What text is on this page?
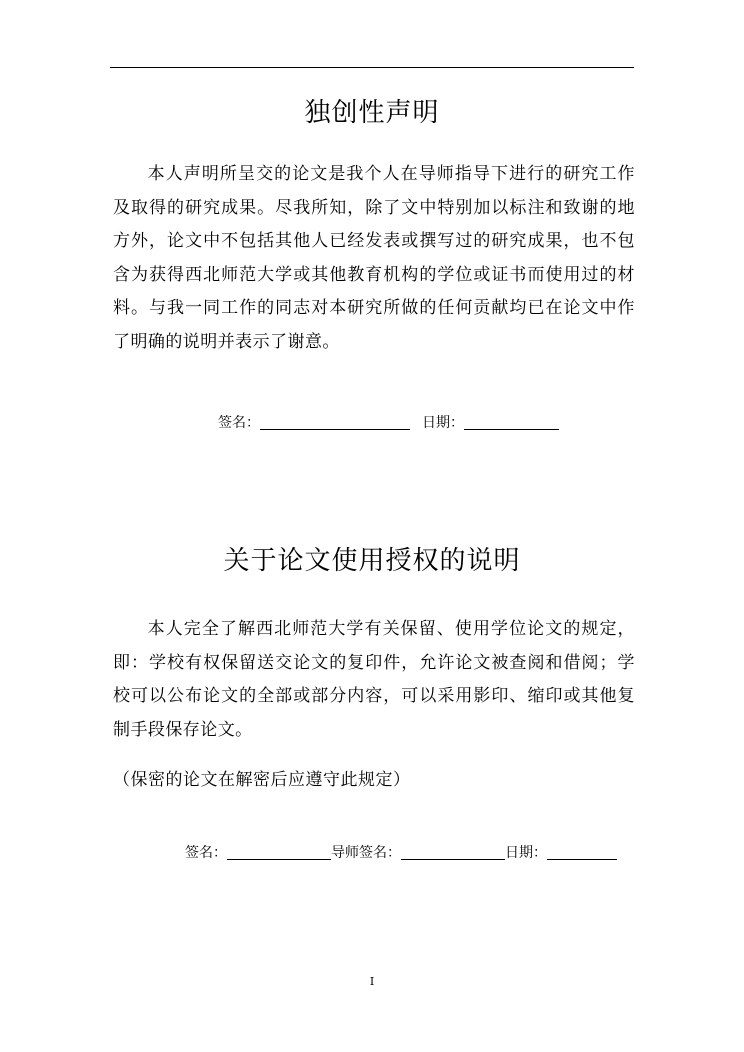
独创性声明

本人声明所呈交的论文是我个人在导师指导下进行的研究工作及取得的研究成果。尽我所知，除了文中特别加以标注和致谢的地方外，论文中不包括其他人已经发表或撰写过的研究成果，也不包含为获得西北师范大学或其他教育机构的学位或证书而使用过的材料。与我一同工作的同志对本研究所做的任何贡献均已在论文中作了明确的说明并表示了谢意。

签名：	日期：
关于论文使用授权的说明

本人完全了解西北师范大学有关保留、使用学位论文的规定，即：学校有权保留送交论文的复印件，允许论文被查阅和借阅；学校可以公布论文的全部或部分内容，可以采用影印、缩印或其他复制手段保存论文。

（保密的论文在解密后应遵守此规定）

签名：	导师签名：	日期：
I
